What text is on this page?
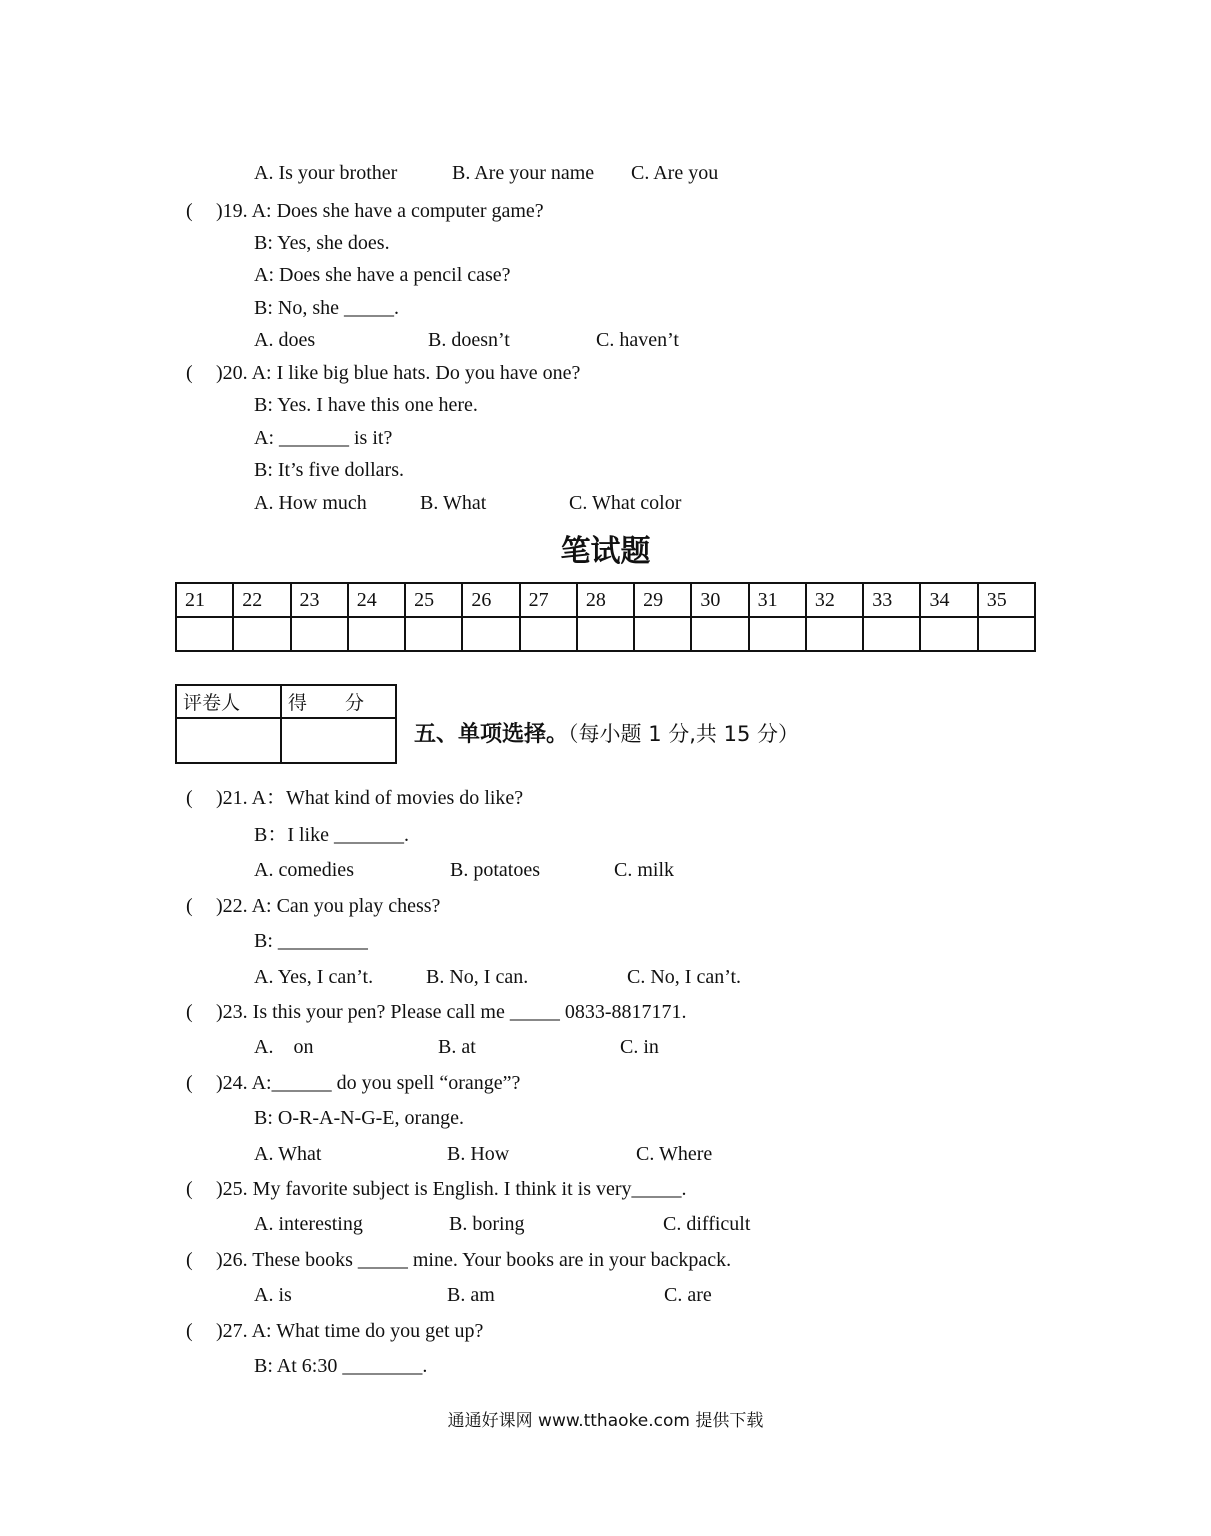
A. Is your brother	B. Are your name C. Are you
( )19. A: Does she have a computer game?
B: Yes, she does.
A: Does she have a pencil case?
B: No, she _____.
A. does	B. doesn’t	C. haven’t
( )20. A: I like big blue hats. Do you have one?
B: Yes. I have this one here.
A: _______ is it?
B: It’s five dollars.
A. How much	B. What	C. What color
笔试题
21	22	23	24	25	26	27	28	29	30	31	32	33	34	35

评卷人	得　　分

五、单项选择。（每小题 1 分,共 15 分）
( )21. A：What kind of movies do like?
B：I like _______.
A. comedies	B. potatoes	C. milk
( )22. A: Can you play chess?
B: _________
A. Yes, I can’t.	B. No, I can.	C. No, I can’t.
( )23. Is this your pen? Please call me _____ 0833-8817171.
A.　on	B. at	C. in
( )24. A:______ do you spell “orange”?
B: O-R-A-N-G-E, orange.
A. What	B. How	C. Where
( )25. My favorite subject is English. I think it is very_____.
A. interesting	B. boring	C. difficult
( )26. These books _____ mine. Your books are in your backpack.
A. is	B. am	C. are
( )27. A: What time do you get up?
B: At 6:30 ________.
通通好课网 www.tthaoke.com 提供下载
